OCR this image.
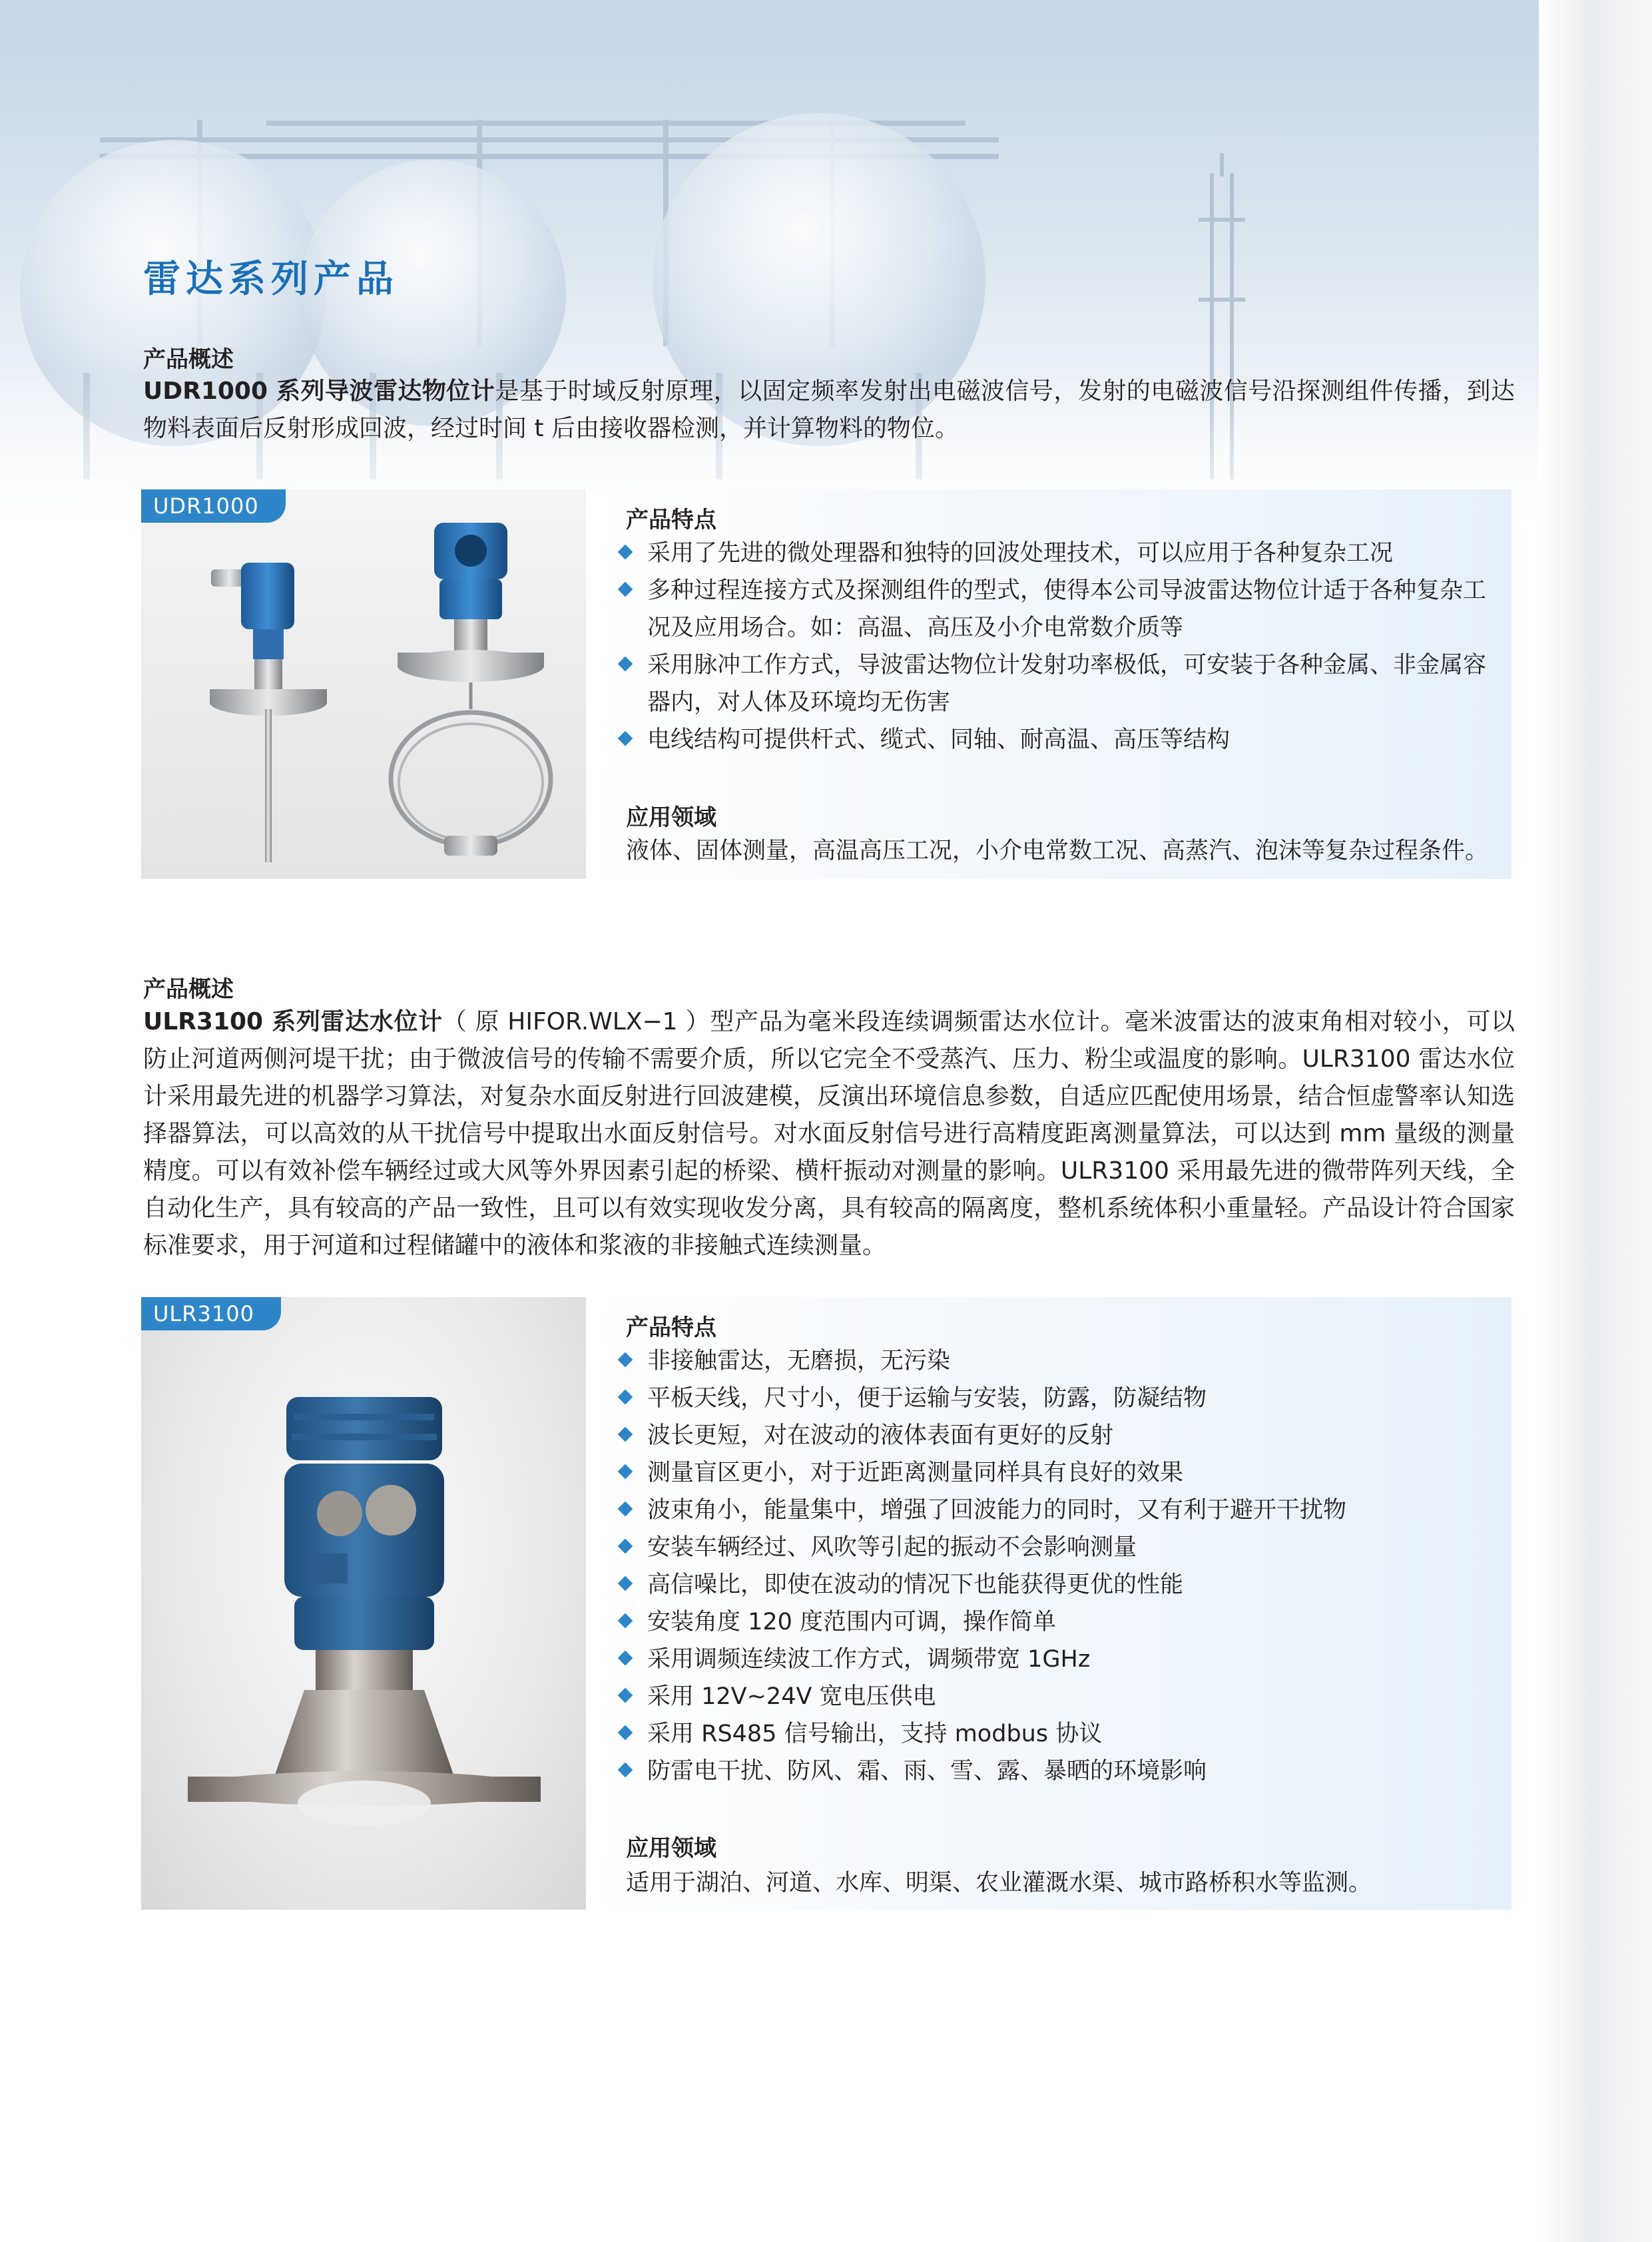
雷达系列产品
产品概述
UDR1000 系列导波雷达物位计是基于时域反射原理，以固定频率发射出电磁波信号，发射的电磁波信号沿探测组件传播，到达物料表面后反射形成回波，经过时间 t 后由接收器检测，并计算物料的物位。
UDR1000
产品特点
采用了先进的微处理器和独特的回波处理技术，可以应用于各种复杂工况
多种过程连接方式及探测组件的型式，使得本公司导波雷达物位计适于各种复杂工况及应用场合。如：高温、高压及小介电常数介质等
采用脉冲工作方式，导波雷达物位计发射功率极低，可安装于各种金属、非金属容器内，对人体及环境均无伤害
电线结构可提供杆式、缆式、同轴、耐高温、高压等结构
应用领域
液体、固体测量，高温高压工况，小介电常数工况、高蒸汽、泡沫等复杂过程条件。
产品概述
ULR3100 系列雷达水位计（ 原 HIFOR.WLX−1 ）型产品为毫米段连续调频雷达水位计。毫米波雷达的波束角相对较小，可以防止河道两侧河堤干扰；由于微波信号的传输不需要介质，所以它完全不受蒸汽、压力、粉尘或温度的影响。ULR3100 雷达水位计采用最先进的机器学习算法，对复杂水面反射进行回波建模，反演出环境信息参数，自适应匹配使用场景，结合恒虚警率认知选择器算法，可以高效的从干扰信号中提取出水面反射信号。对水面反射信号进行高精度距离测量算法，可以达到 mm 量级的测量精度。可以有效补偿车辆经过或大风等外界因素引起的桥梁、横杆振动对测量的影响。ULR3100 采用最先进的微带阵列天线，全自动化生产，具有较高的产品一致性，且可以有效实现收发分离，具有较高的隔离度，整机系统体积小重量轻。产品设计符合国家标准要求，用于河道和过程储罐中的液体和浆液的非接触式连续测量。
ULR3100
产品特点
非接触雷达，无磨损，无污染
平板天线，尺寸小，便于运输与安装，防露，防凝结物
波长更短，对在波动的液体表面有更好的反射
测量盲区更小，对于近距离测量同样具有良好的效果
波束角小，能量集中，增强了回波能力的同时，又有利于避开干扰物
安装车辆经过、风吹等引起的振动不会影响测量
高信噪比，即使在波动的情况下也能获得更优的性能
安装角度 120 度范围内可调，操作简单
采用调频连续波工作方式，调频带宽 1GHz
采用 12V~24V 宽电压供电
采用 RS485 信号输出，支持 modbus 协议
防雷电干扰、防风、霜、雨、雪、露、暴晒的环境影响
应用领域
适用于湖泊、河道、水库、明渠、农业灌溉水渠、城市路桥积水等监测。
